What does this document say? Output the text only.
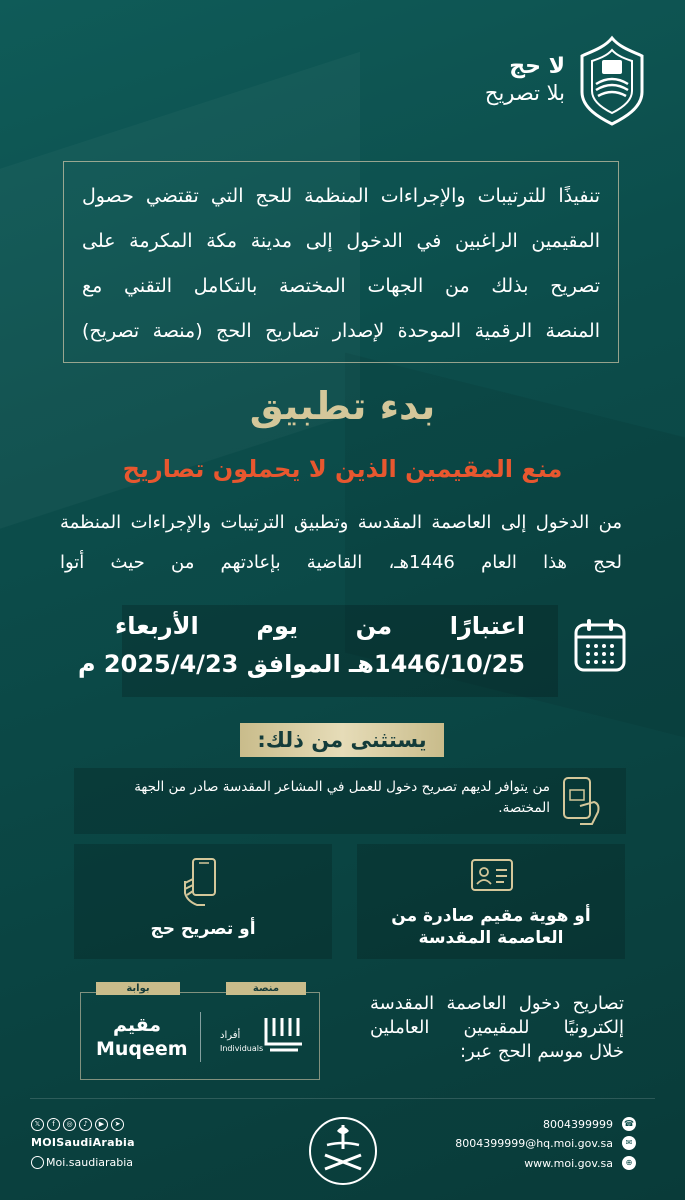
لا حج
بلا تصريح
تنفيذًا للترتيبات والإجراءات المنظمة للحج التي تقتضي حصول
المقيمين الراغبين في الدخول إلى مدينة مكة المكرمة على
تصريح بذلك من الجهات المختصة بالتكامل التقني مع
المنصة الرقمية الموحدة لإصدار تصاريح الحج (منصة تصريح)
بدء تطبيق
منع المقيمين الذين لا يحملون تصاريح
من الدخول إلى العاصمة المقدسة وتطبيق الترتيبات والإجراءات المنظمة
لحج هذا العام 1446هـ، القاضية بإعادتهم من حيث أتوا
اعتبارًا من يوم الأربعاء
1446/10/25هـ الموافق 2025/4/23 م
يستثنى من ذلك:
من يتوافر لديهم تصريح دخول للعمل في المشاعر المقدسة صادر من الجهة المختصة.
أو تصريح حج
أو هوية مقيم صادرة من العاصمة المقدسة
منصة
بوابة
أفراد
Individuals
مقيم
Muqeem
تصاريح دخول العاصمة المقدسة
إلكترونيًا للمقيمين العاملين
خلال موسم الحج عبر:
𝕏	f	◎	♪	▶	➤
MOISaudiArabia
Moi.saudiarabia
8004399999
8004399999@hq.moi.gov.sa
www.moi.gov.sa
☎
✉
⊕
